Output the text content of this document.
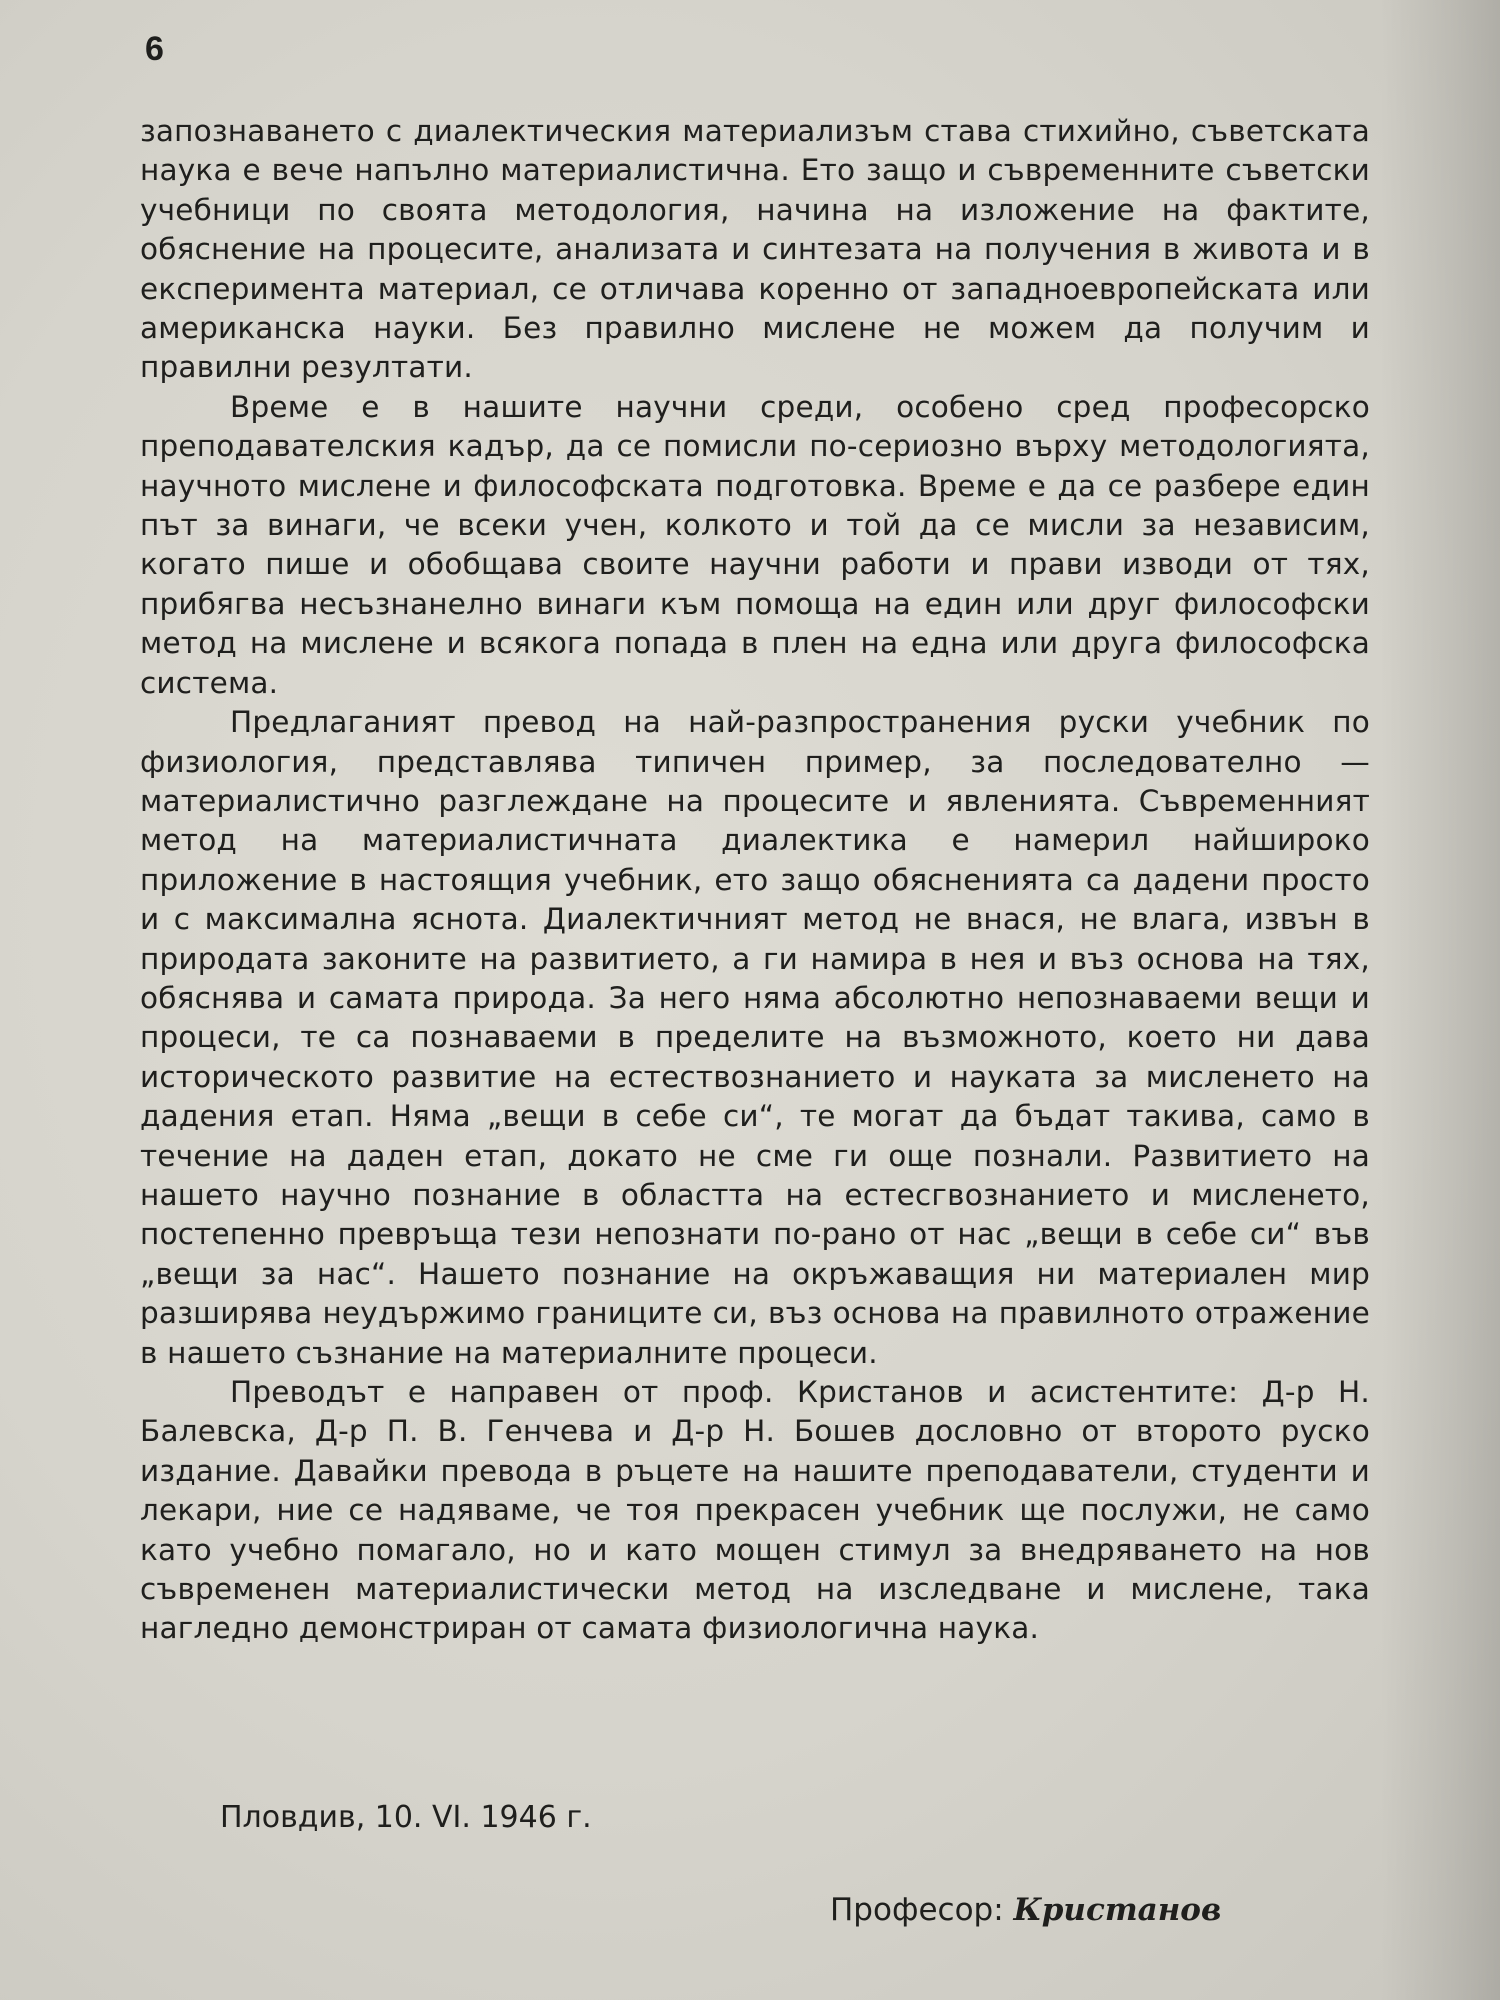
6

запознаването с диалектическия материализъм става стихийно, съветската наука е вече напълно материалистична. Ето защо и съвременните съветски учебници по своята методология, начина на изложение на фактите, обяснение на процесите, анализата и синтезата на получения в живота и в експеримента материал, се отличава коренно от западноевропейската или американска науки. Без правилно мислене не можем да получим и правилни резултати.

Време е в нашите научни среди, особено сред професорско преподавателския кадър, да се помисли по-сериозно върху методологията, научното мислене и философската подготовка. Време е да се разбере един път за винаги, че всеки учен, колкото и той да се мисли за независим, когато пише и обобщава своите научни работи и прави изводи от тях, прибягва несъзнанелно винаги към помоща на един или друг философски метод на мислене и всякога попада в плен на една или друга философска система.

Предлаганият превод на най-разпространения руски учебник по физиология, представлява типичен пример, за последователно — материалистично разглеждане на процесите и явленията. Съвременният метод на материалистичната диалектика е намерил найшироко приложение в настоящия учебник, ето защо обясненията са дадени просто и с максимална яснота. Диалектичният метод не внася, не влага, извън в природата законите на развитието, а ги намира в нея и въз основа на тях, обяснява и самата природа. За него няма абсолютно непознаваеми вещи и процеси, те са познаваеми в пределите на възможното, което ни дава историческото развитие на естествознанието и науката за мисленето на дадения етап. Няма „вещи в себе си“, те могат да бъдат такива, само в течение на даден етап, докато не сме ги още познали. Развитието на нашето научно познание в областта на естесгвознанието и мисленето, постепенно превръща тези непознати по-рано от нас „вещи в себе си“ във „вещи за нас“. Нашето познание на окръжаващия ни материален мир разширява неудържимо границите си, въз основа на правилното отражение в нашето съзнание на материалните процеси.

Преводът е направен от проф. Кристанов и асистентите: Д-р Н. Балевска, Д-р П. В. Генчева и Д-р Н. Бошев дословно от второто руско издание. Давайки превода в ръцете на нашите преподаватели, студенти и лекари, ние се надяваме, че тоя прекрасен учебник ще послужи, не само като учебно помагало, но и като мощен стимул за внедряването на нов съвременен материалистически метод на изследване и мислене, така нагледно демонстриран от самата физиологична наука.

Пловдив, 10. VI. 1946 г.

Професор: Кристанов
